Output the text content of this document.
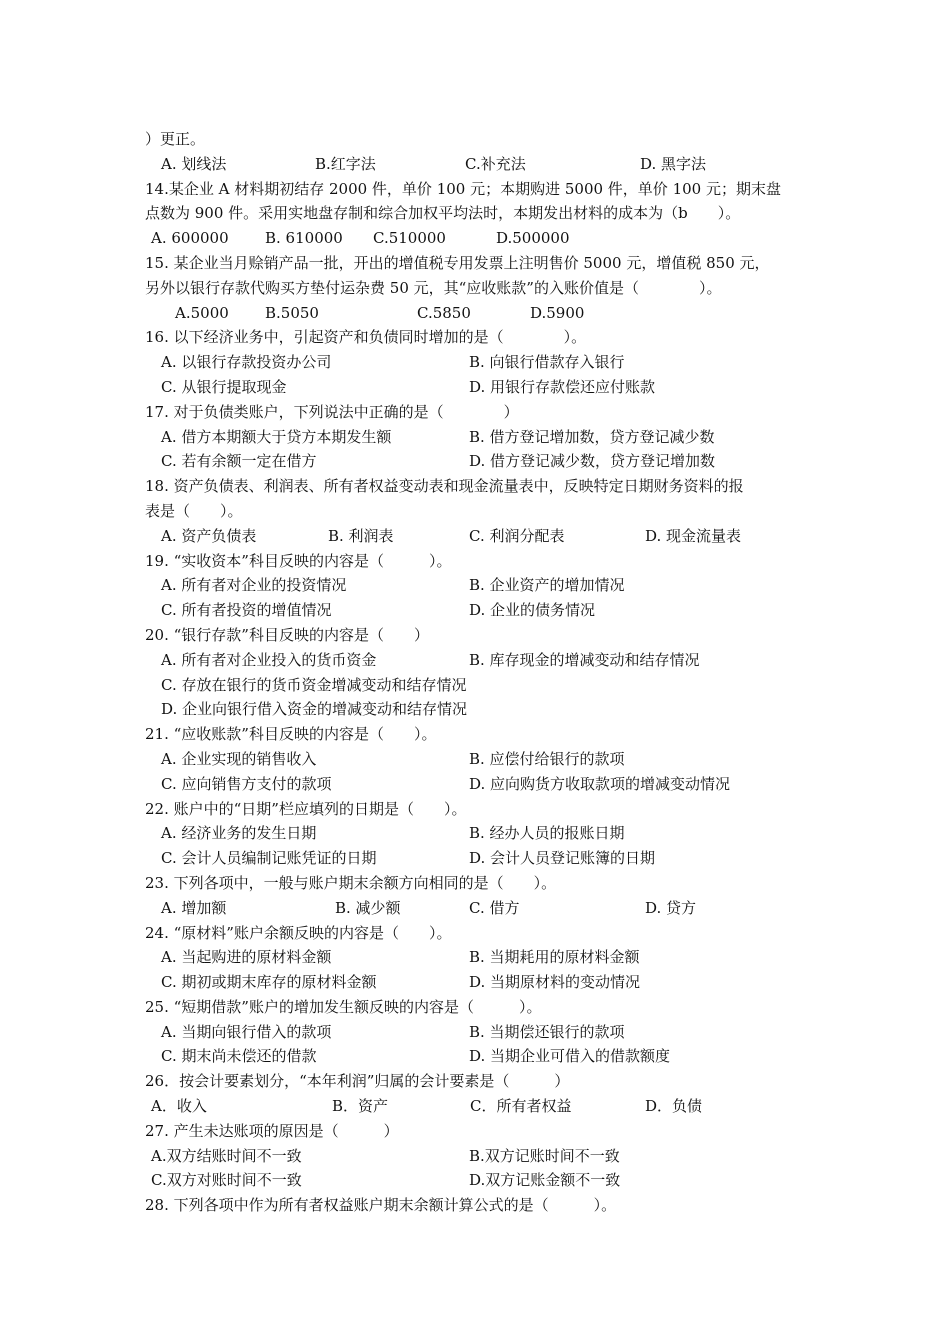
）更正。
A. 划线法	B.红字法	C.补充法	D. 黑字法
14.某企业 A 材料期初结存 2000 件，单价 100 元；本期购进 5000 件，单价 100 元；期末盘
点数为 900 件。采用实地盘存制和综合加权平均法时，本期发出材料的成本为（b　　）。
A. 600000 B. 610000 C.510000	D.500000
15. 某企业当月赊销产品一批，开出的增值税专用发票上注明售价 5000 元，增值税 850 元，
另外以银行存款代购买方垫付运杂费 50 元，其“应收账款”的入账价值是（　　　　）。
A.5000 B.5050	C.5850	D.5900
16. 以下经济业务中，引起资产和负债同时增加的是（　　　　）。
A. 以银行存款投资办公司	B. 向银行借款存入银行
C. 从银行提取现金	D. 用银行存款偿还应付账款
17. 对于负债类账户，下列说法中正确的是（　　　　）
A. 借方本期额大于贷方本期发生额	B. 借方登记增加数，贷方登记减少数
C. 若有余额一定在借方	D. 借方登记减少数，贷方登记增加数
18. 资产负债表、利润表、所有者权益变动表和现金流量表中，反映特定日期财务资料的报
表是（　　）。
A. 资产负债表	B. 利润表	C. 利润分配表	D. 现金流量表
19. “实收资本”科目反映的内容是（　　　）。
A. 所有者对企业的投资情况	B. 企业资产的增加情况
C. 所有者投资的增值情况	D. 企业的债务情况
20. “银行存款”科目反映的内容是（　　）
A. 所有者对企业投入的货币资金	B. 库存现金的增减变动和结存情况
C. 存放在银行的货币资金增减变动和结存情况
D. 企业向银行借入资金的增减变动和结存情况
21. “应收账款”科目反映的内容是（　　）。
A. 企业实现的销售收入	B. 应偿付给银行的款项
C. 应向销售方支付的款项	D. 应向购货方收取款项的增减变动情况
22. 账户中的“日期”栏应填列的日期是（　　）。
A. 经济业务的发生日期	B. 经办人员的报账日期
C. 会计人员编制记账凭证的日期	D. 会计人员登记账簿的日期
23. 下列各项中，一般与账户期末余额方向相同的是（　　）。
A. 增加额	B. 减少额	C. 借方	D. 贷方
24. “原材料”账户余额反映的内容是（　　）。
A. 当起购进的原材料金额	B. 当期耗用的原材料金额
C. 期初或期末库存的原材料金额	D. 当期原材料的变动情况
25. “短期借款”账户的增加发生额反映的内容是（　　　）。
A. 当期向银行借入的款项	B. 当期偿还银行的款项
C. 期末尚未偿还的借款	D. 当期企业可借入的借款额度
26．按会计要素划分，“本年利润”归属的会计要素是（　　　）
A．收入	B．资产	C．所有者权益	D．负债
27. 产生未达账项的原因是（　　　）
A.双方结账时间不一致	B.双方记账时间不一致
C.双方对账时间不一致	D.双方记账金额不一致
28. 下列各项中作为所有者权益账户期末余额计算公式的是（　　　）。
